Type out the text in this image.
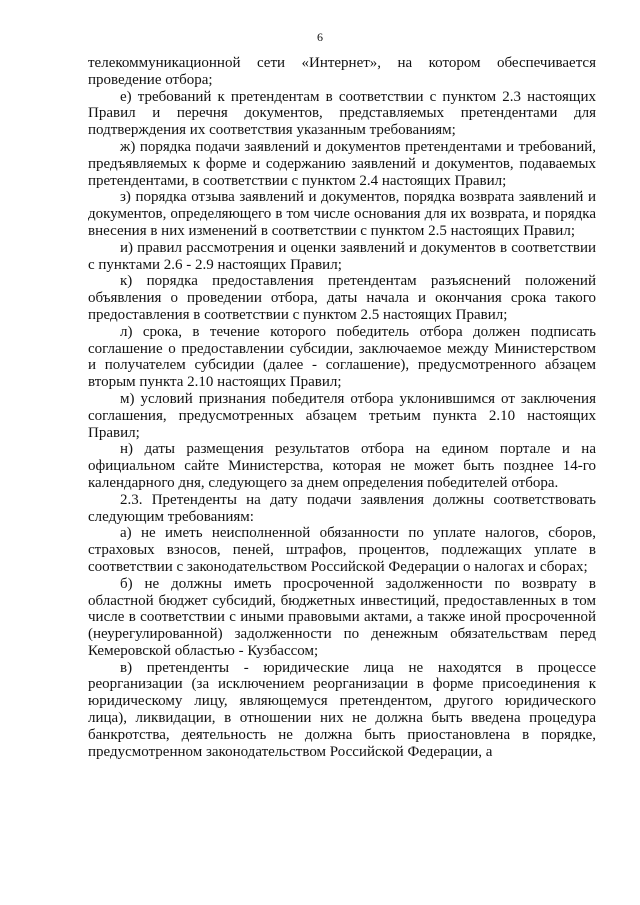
6

телекоммуникационной сети «Интернет», на котором обеспечивается проведение отбора;

е) требований к претендентам в соответствии с пунктом 2.3 настоящих Правил и перечня документов, представляемых претендентами для подтверждения их соответствия указанным требованиям;

ж) порядка подачи заявлений и документов претендентами и требований, предъявляемых к форме и содержанию заявлений и документов, подаваемых претендентами, в соответствии с пунктом 2.4 настоящих Правил;

з) порядка отзыва заявлений и документов, порядка возврата заявлений и документов, определяющего в том числе основания для их возврата, и порядка внесения в них изменений в соответствии с пунктом 2.5 настоящих Правил;

и) правил рассмотрения и оценки заявлений и документов в соответствии с пунктами 2.6 - 2.9 настоящих Правил;

к) порядка предоставления претендентам разъяснений положений объявления о проведении отбора, даты начала и окончания срока такого предоставления в соответствии с пунктом 2.5 настоящих Правил;

л) срока, в течение которого победитель отбора должен подписать соглашение о предоставлении субсидии, заключаемое между Министерством и получателем субсидии (далее - соглашение), предусмотренного абзацем вторым пункта 2.10 настоящих Правил;

м) условий признания победителя отбора уклонившимся от заключения соглашения, предусмотренных абзацем третьим пункта 2.10 настоящих Правил;

н) даты размещения результатов отбора на едином портале и на официальном сайте Министерства, которая не может быть позднее 14-го календарного дня, следующего за днем определения победителей отбора.

2.3. Претенденты на дату подачи заявления должны соответствовать следующим требованиям:

а) не иметь неисполненной обязанности по уплате налогов, сборов, страховых взносов, пеней, штрафов, процентов, подлежащих уплате в соответствии с законодательством Российской Федерации о налогах и сборах;

б) не должны иметь просроченной задолженности по возврату в областной бюджет субсидий, бюджетных инвестиций, предоставленных в том числе в соответствии с иными правовыми актами, а также иной просроченной (неурегулированной) задолженности по денежным обязательствам перед Кемеровской областью - Кузбассом;

в) претенденты - юридические лица не находятся в процессе реорганизации (за исключением реорганизации в форме присоединения к юридическому лицу, являющемуся претендентом, другого юридического лица), ликвидации, в отношении них не должна быть введена процедура банкротства, деятельность не должна быть приостановлена в порядке, предусмотренном законодательством Российской Федерации, а
